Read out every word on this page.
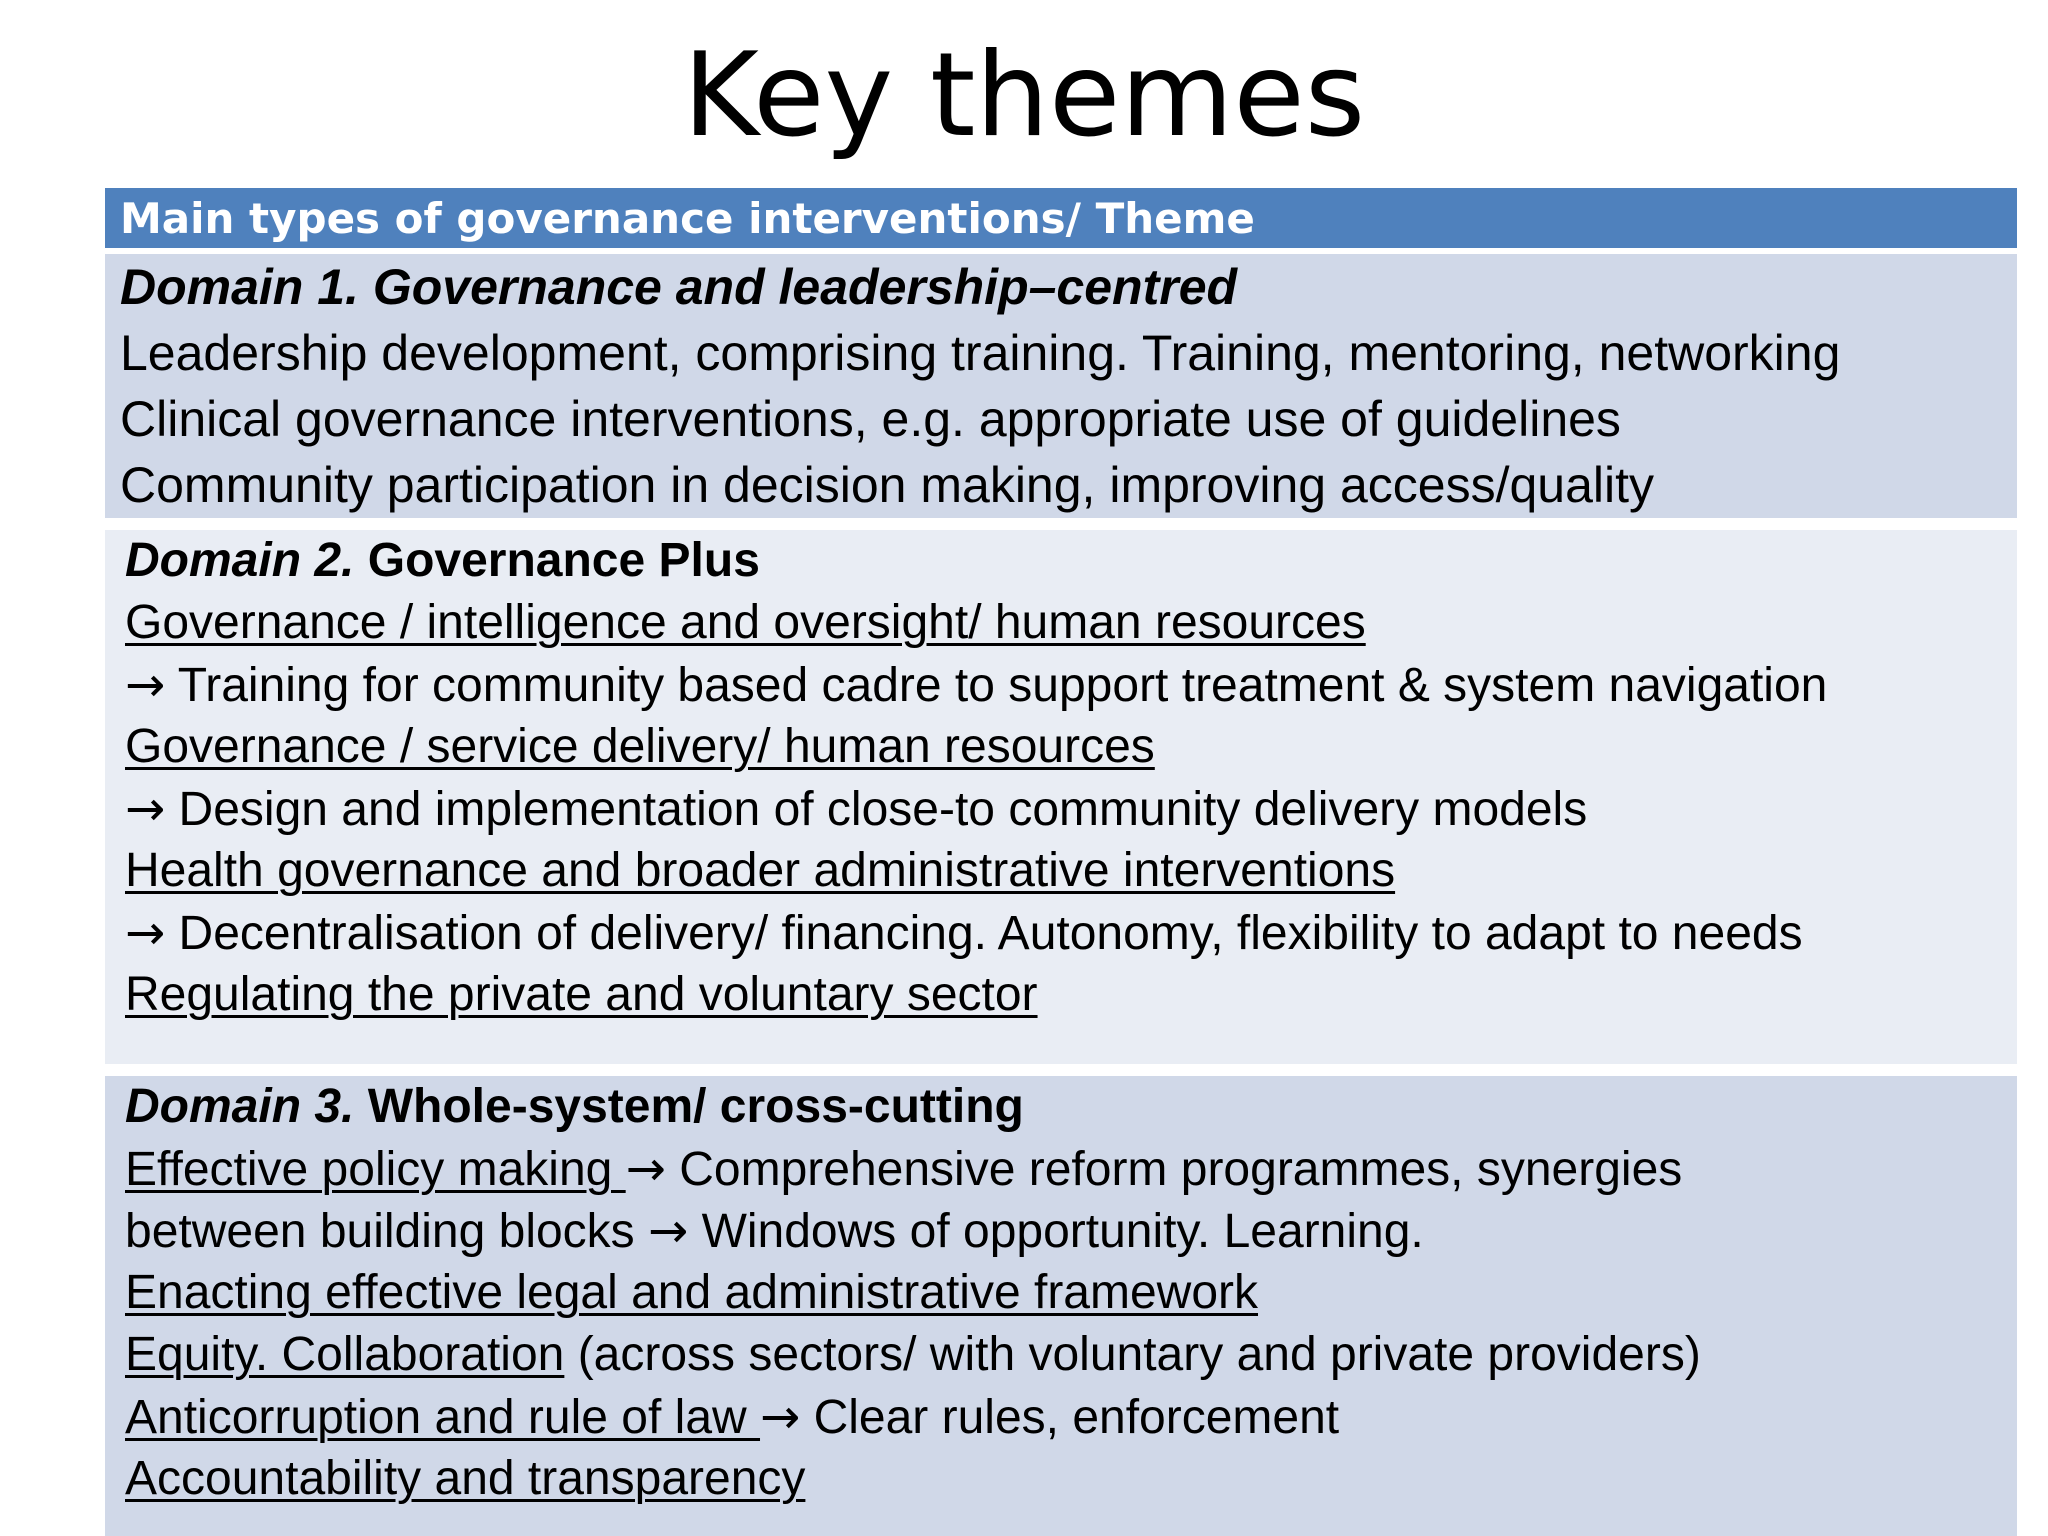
Key themes
Main types of governance interventions/ Theme
Domain 1. Governance and leadership–centred
Leadership development, comprising training. Training, mentoring, networking
Clinical governance interventions, e.g. appropriate use of guidelines
Community participation in decision making, improving access/quality
Domain 2. Governance Plus
Governance / intelligence and oversight/ human resources
→ Training for community based cadre to support treatment & system navigation
Governance / service delivery/ human resources
→ Design and implementation of close-to community delivery models
Health governance and broader administrative interventions
→ Decentralisation of delivery/ financing. Autonomy, flexibility to adapt to needs
Regulating the private and voluntary sector
Domain 3. Whole-system/ cross-cutting
Effective policy making → Comprehensive reform programmes, synergies
between building blocks → Windows of opportunity. Learning.
Enacting effective legal and administrative framework
Equity. Collaboration (across sectors/ with voluntary and private providers)
Anticorruption and rule of law → Clear rules, enforcement
Accountability and transparency
